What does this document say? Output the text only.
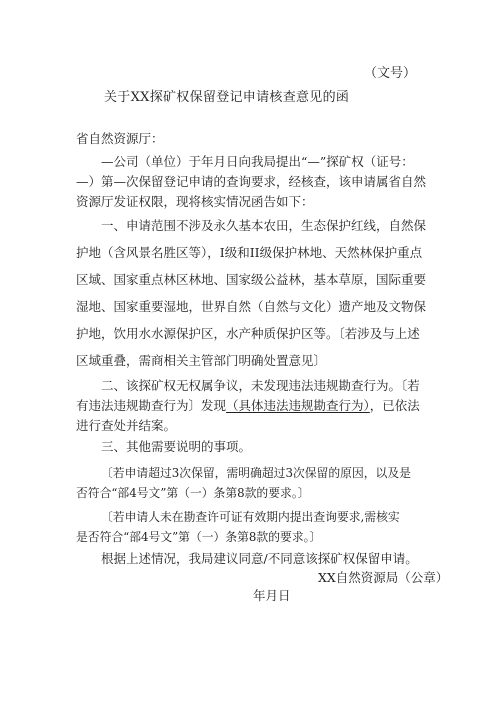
（文号）
关于XX探矿权保留登记申请核查意见的函
省自然资源厅：
—公司（单位）于年月日向我局提出“—”探矿权（证号：
—）第—次保留登记申请的查询要求，经核查，该申请属省自然
资源厅发证权限，现将核实情况函告如下：
一、申请范围不涉及永久基本农田，生态保护红线，自然保
护地（含风景名胜区等），I级和II级保护林地、天然林保护重点
区域、国家重点林区林地、国家级公益林，基本草原，国际重要
湿地、国家重要湿地，世界自然（自然与文化）遗产地及文物保
护地，饮用水水源保护区，水产种质保护区等。〔若涉及与上述
区域重叠，需商相关主管部门明确处置意见〕
二、该探矿权无权属争议，未发现违法违规勘查行为。〔若
有违法违规勘查行为〕发现（具体违法违规勘查行为），已依法
进行查处并结案。
三、其他需要说明的事项。
〔若申请超过3次保留，需明确超过3次保留的原因，以及是
否符合“部4号文”第（一）条第8款的要求。〕
〔若申请人未在勘查许可证有效期内提出查询要求,需核实
是否符合“部4号文”第（一）条第8款的要求。〕
根据上述情况，我局建议同意/不同意该探矿权保留申请。
XX自然资源局（公章）
年月日
